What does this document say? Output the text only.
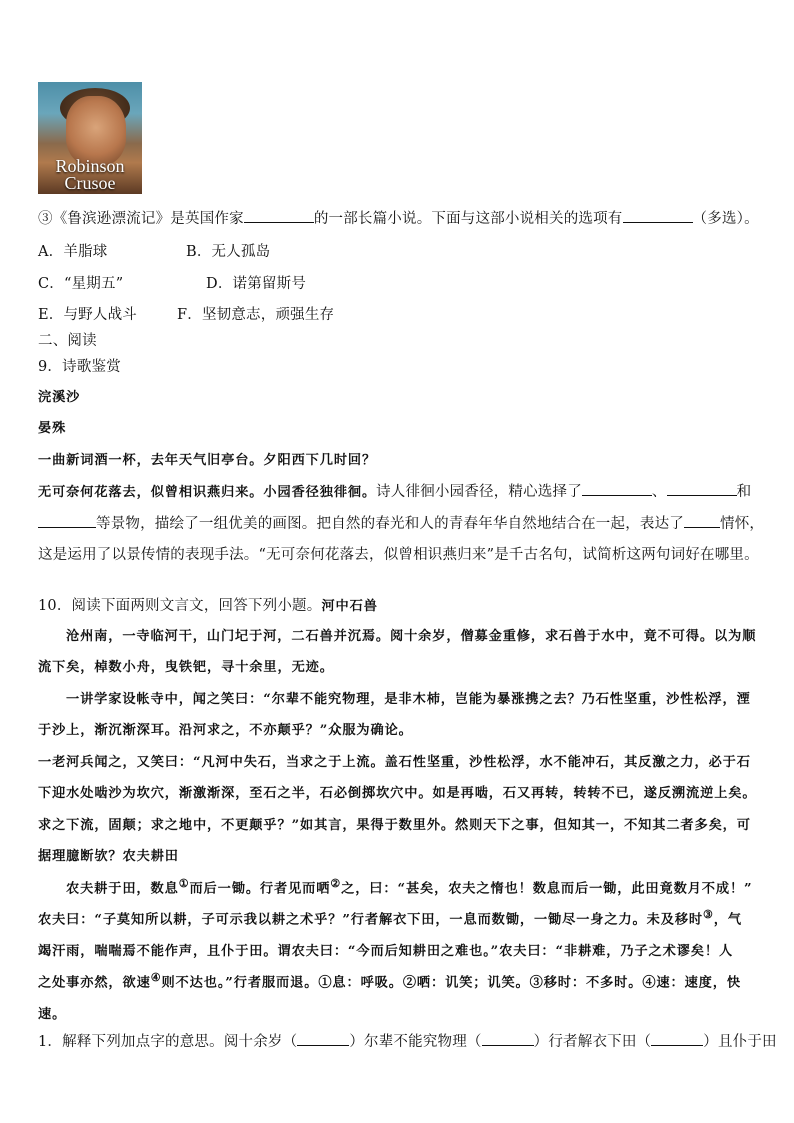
Robinson
Crusoe
③《鲁滨逊漂流记》是英国作家	的一部长篇小说。下面与这部小说相关的选项有	（多选）。
A．羊脂球	B．无人孤岛
C．“星期五”	D．诺第留斯号
E．与野人战斗	F．坚韧意志，顽强生存
二、阅读
9．诗歌鉴赏
浣溪沙
晏殊
一曲新词酒一杯，去年天气旧亭台。夕阳西下几时回？
无可奈何花落去，似曾相识燕归来。小园香径独徘徊。诗人徘徊小园香径，精心选择了	、	和
等景物，描绘了一组优美的画图。把自然的春光和人的青春年华自然地结合在一起，表达了 情怀，
这是运用了以景传情的表现手法。“无可奈何花落去，似曾相识燕归来”是千古名句，试简析这两句词好在哪里。
10．阅读下面两则文言文，回答下列小题。河中石兽
沧州南，一寺临河干，山门圮于河，二石兽并沉焉。阅十余岁，僧募金重修，求石兽于水中，竟不可得。以为顺
流下矣，棹数小舟，曳铁钯，寻十余里，无迹。
一讲学家设帐寺中，闻之笑曰：“尔辈不能究物理，是非木杮，岂能为暴涨携之去？乃石性坚重，沙性松浮，湮
于沙上，渐沉渐深耳。沿河求之，不亦颠乎？”众服为确论。
一老河兵闻之，又笑曰：“凡河中失石，当求之于上流。盖石性坚重，沙性松浮，水不能冲石，其反激之力，必于石
下迎水处啮沙为坎穴，渐激渐深，至石之半，石必倒掷坎穴中。如是再啮，石又再转，转转不已，遂反溯流逆上矣。
求之下流，固颠；求之地中，不更颠乎？”如其言，果得于数里外。然则天下之事，但知其一，不知其二者多矣，可
据理臆断欤？农夫耕田
农夫耕于田，数息①而后一锄。行者见而哂②之，曰：“甚矣，农夫之惰也！数息而后一锄，此田竟数月不成！”
农夫曰：“子莫知所以耕，子可示我以耕之术乎？”行者解衣下田，一息而数锄，一锄尽一身之力。未及移时③，气
竭汗雨，喘喘焉不能作声，且仆于田。谓农夫曰：“今而后知耕田之难也。”农夫曰：“非耕难，乃子之术谬矣！人
之处事亦然，欲速④则不达也。”行者服而退。①息：呼吸。②哂：讥笑；讥笑。③移时：不多时。④速：速度，快
速。
1．解释下列加点字的意思。阅十余岁（	）尔辈不能究物理（	）行者解衣下田（	）且仆于田
